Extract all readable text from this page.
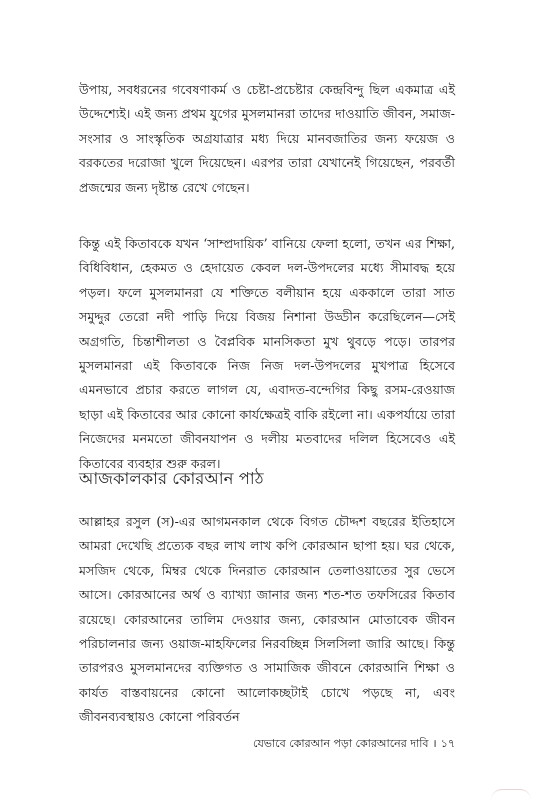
উপায়, সবধরনের গবেষণাকর্ম ও চেষ্টা-প্রচেষ্টার কেন্দ্রবিন্দু ছিল একমাত্র এই উদ্দেশ্যেই। এই জন্য প্রথম যুগের মুসলমানরা তাদের দাওয়াতি জীবন, সমাজ-সংসার ও সাংস্কৃতিক অগ্রযাত্রার মধ্য দিয়ে মানবজাতির জন্য ফয়েজ ও বরকতের দরোজা খুলে দিয়েছেন। এরপর তারা যেখানেই গিয়েছেন, পরবর্তী প্রজন্মের জন্য দৃষ্টান্ত রেখে গেছেন।

কিন্তু এই কিতাবকে যখন ‘সাম্প্রদায়িক’ বানিয়ে ফেলা হলো, তখন এর শিক্ষা, বিধিবিধান, হেকমত ও হেদায়েত কেবল দল-উপদলের মধ্যে সীমাবদ্ধ হয়ে পড়ল। ফলে মুসলমানরা যে শক্তিতে বলীয়ান হয়ে এককালে তারা সাত সমুদ্দুর তেরো নদী পাড়ি দিয়ে বিজয় নিশানা উড্ডীন করেছিলেন—সেই অগ্রগতি, চিন্তাশীলতা ও বৈপ্লবিক মানসিকতা মুখ থুবড়ে পড়ে। তারপর মুসলমানরা এই কিতাবকে নিজ নিজ দল-উপদলের মুখপাত্র হিসেবে এমনভাবে প্রচার করতে লাগল যে, এবাদত-বন্দেগির কিছু রসম-রেওয়াজ ছাড়া এই কিতাবের আর কোনো কার্যক্ষেত্রই বাকি রইলো না। একপর্যায়ে তারা নিজেদের মনমতো জীবনযাপন ও দলীয় মতবাদের দলিল হিসেবেও এই কিতাবের ব্যবহার শুরু করল।

আজকালকার কোরআন পাঠ

আল্লাহর রসুল (স)-এর আগমনকাল থেকে বিগত চৌদ্দশ বছরের ইতিহাসে আমরা দেখেছি প্রত্যেক বছর লাখ লাখ কপি কোরআন ছাপা হয়। ঘর থেকে, মসজিদ থেকে, মিম্বর থেকে দিনরাত কোরআন তেলাওয়াতের সুর ভেসে আসে। কোরআনের অর্থ ও ব্যাখ্যা জানার জন্য শত-শত তফসিরের কিতাব রয়েছে। কোরআনের তালিম দেওয়ার জন্য, কোরআন মোতাবেক জীবন পরিচালনার জন্য ওয়াজ-মাহফিলের নিরবচ্ছিন্ন সিলসিলা জারি আছে। কিন্তু তারপরও মুসলমানদের ব্যক্তিগত ও সামাজিক জীবনে কোরআনি শিক্ষা ও কার্যত বাস্তবায়নের কোনো আলোকচ্ছটাই চোখে পড়ছে না, এবং জীবনব্যবস্থায়ও কোনো পরিবর্তন

যেভাবে কোরআন পড়া কোরআনের দাবি । ১৭
